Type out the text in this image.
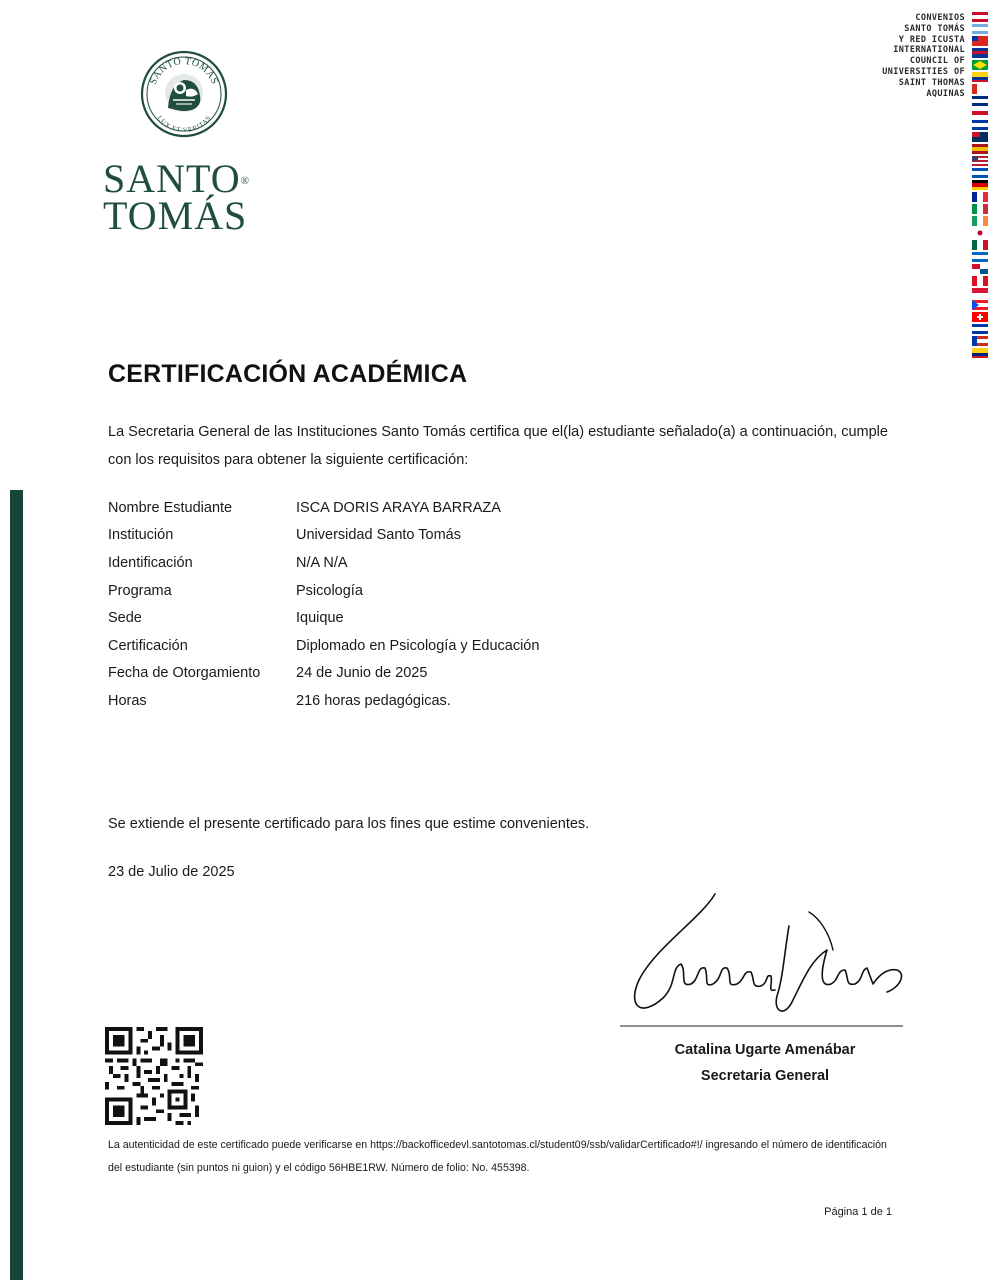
SANTO TOMAS
LUX ET VERITAS
SANTO®
TOMÁS
CONVENIOS
SANTO TOMÁS
Y RED ICUSTA
INTERNATIONAL
COUNCIL OF
UNIVERSITIES OF
SAINT THOMAS
AQUINAS
CERTIFICACIÓN ACADÉMICA
La Secretaria General de las Instituciones Santo Tomás certifica que el(la) estudiante señalado(a) a continuación, cumple con los requisitos para obtener la siguiente certificación:
Nombre Estudiante	ISCA DORIS ARAYA BARRAZA
Institución	Universidad Santo Tomás
Identificación	N/A N/A
Programa	Psicología
Sede	Iquique
Certificación	Diplomado en Psicología y Educación
Fecha de Otorgamiento	24 de Junio de 2025
Horas	216 horas pedagógicas.
Se extiende el presente certificado para los fines que estime convenientes.
23 de Julio de 2025
Catalina Ugarte Amenábar
Secretaria General
La autenticidad de este certificado puede verificarse en https://backofficedevl.santotomas.cl/student09/ssb/validarCertificado#!/ ingresando el número de identificación del estudiante (sin puntos ni guion) y el código 56HBE1RW. Número de folio: No. 455398.
Página 1 de 1
